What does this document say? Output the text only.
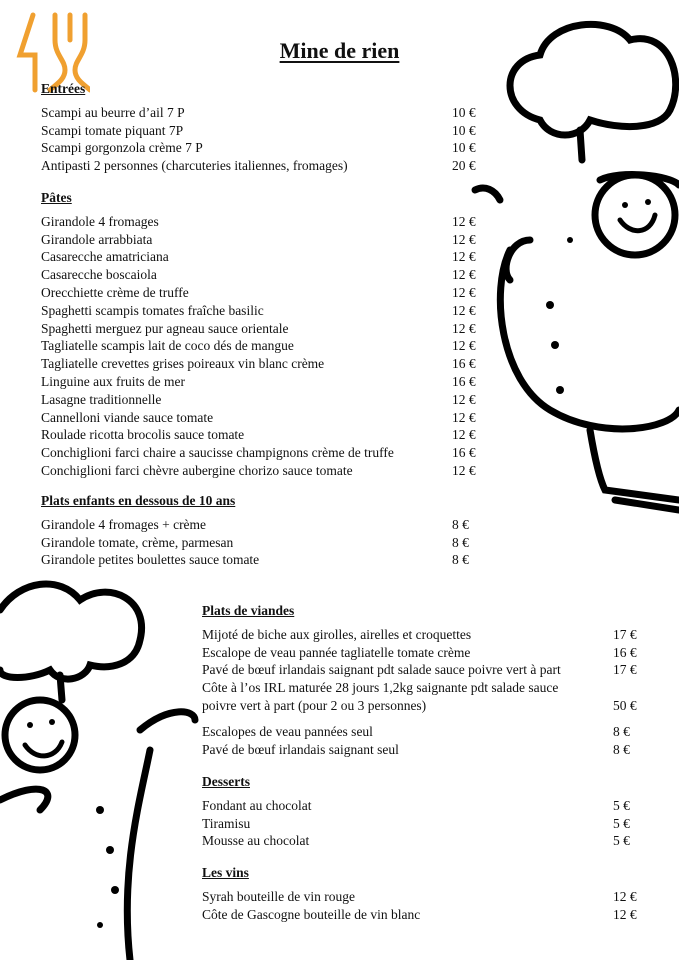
Mine de rien
Entrées
Scampi au beurre d’ail 7 P	10 €
Scampi tomate piquant 7P	10 €
Scampi gorgonzola crème 7 P	10 €
Antipasti 2 personnes (charcuteries italiennes, fromages)	20 €
Pâtes
Girandole 4 fromages	12 €
Girandole arrabbiata	12 €
Casarecche amatriciana	12 €
Casarecche boscaiola	12 €
Orecchiette crème de truffe	12 €
Spaghetti scampis tomates fraîche basilic	12 €
Spaghetti merguez pur agneau sauce orientale	12 €
Tagliatelle scampis lait de coco dés de mangue	12 €
Tagliatelle crevettes grises poireaux vin blanc crème	16 €
Linguine aux fruits de mer	16 €
Lasagne traditionnelle	12 €
Cannelloni viande sauce tomate	12 €
Roulade ricotta brocolis sauce tomate	12 €
Conchiglioni farci chaire a saucisse champignons crème de truffe	16 €
Conchiglioni farci chèvre aubergine chorizo sauce tomate	12 €
Plats enfants en dessous de 10 ans
Girandole 4 fromages + crème	8 €
Girandole tomate, crème, parmesan	8 €
Girandole petites boulettes sauce tomate	8 €
Plats de viandes
Mijoté de biche aux girolles, airelles et croquettes	17 €
Escalope de veau pannée tagliatelle tomate crème	16 €
Pavé de bœuf irlandais saignant pdt salade sauce poivre vert à part	17 €
Côte à l’os IRL maturée 28 jours 1,2kg saignante pdt salade sauce
poivre vert à part (pour 2 ou 3 personnes)	50 €
Escalopes de veau pannées seul	8 €
Pavé de bœuf irlandais saignant seul	8 €
Desserts
Fondant au chocolat	5 €
Tiramisu	5 €
Mousse au chocolat	5 €
Les vins
Syrah bouteille de vin rouge	12 €
Côte de Gascogne bouteille de vin blanc	12 €
